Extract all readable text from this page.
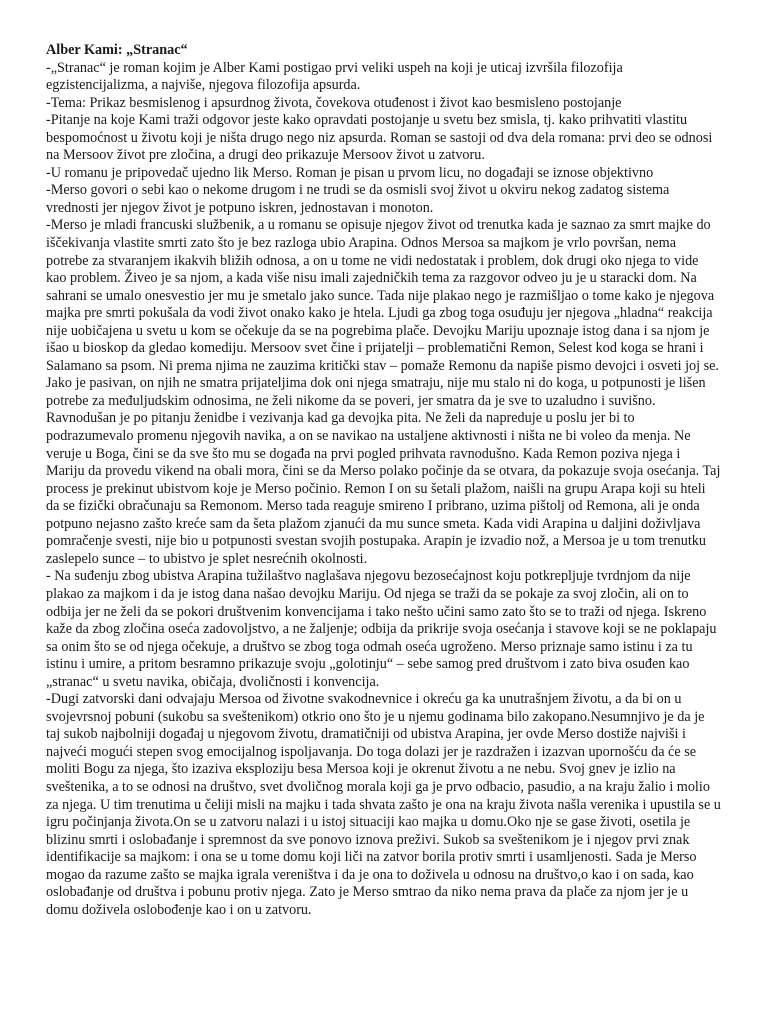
Alber Kami: „Stranac“

-„Stranac“ je roman kojim je Alber Kami postigao prvi veliki uspeh na koji je uticaj izvršila filozofija egzistencijalizma, a najviše, njegova filozofija apsurda.

-Tema: Prikaz besmislenog i apsurdnog života, čovekova otuđenost i život kao besmisleno postojanje

-Pitanje na koje Kami traži odgovor jeste kako opravdati postojanje u svetu bez smisla, tj. kako prihvatiti vlastitu bespomoćnost u životu koji je ništa drugo nego niz apsurda. Roman se sastoji od dva dela romana: prvi deo se odnosi na Mersoov život pre zločina, a drugi deo prikazuje Mersoov život u zatvoru.

-U romanu je pripovedač ujedno lik Merso. Roman je pisan u prvom licu, no događaji se iznose objektivno

-Merso govori o sebi kao o nekome drugom i ne trudi se da osmisli svoj život u okviru nekog zadatog sistema vrednosti jer njegov život je potpuno iskren, jednostavan i monoton.

-Merso je mladi francuski službenik, a u romanu se opisuje njegov život od trenutka kada je saznao za smrt majke do iščekivanja vlastite smrti zato što je bez razloga ubio Arapina. Odnos Mersoa sa majkom je vrlo površan, nema potrebe za stvaranjem ikakvih bližih odnosa, a on u tome ne vidi nedostatak i problem, dok drugi oko njega to vide kao problem. Živeo je sa njom, a kada više nisu imali zajedničkih tema za razgovor odveo ju je u staracki dom. Na sahrani se umalo onesvestio jer mu je smetalo jako sunce. Tada nije plakao nego je razmišljao o tome kako je njegova majka pre smrti pokušala da vodi život onako kako je htela. Ljudi ga zbog toga osuđuju jer njegova „hladna“ reakcija nije uobičajena u svetu u kom se očekuje da se na pogrebima plače. Devojku Mariju upoznaje istog dana i sa njom je išao u bioskop da gledao komediju. Mersoov svet čine i prijatelji – problematični Remon, Selest kod koga se hrani i Salamano sa psom. Ni prema njima ne zauzima kritički stav – pomaže Remonu da napiše pismo devojci i osveti joj se. Jako je pasivan, on njih ne smatra prijateljima dok oni njega smatraju, nije mu stalo ni do koga, u potpunosti je lišen potrebe za međuljudskim odnosima, ne želi nikome da se poveri, jer smatra da je sve to uzaludno i suvišno. Ravnodušan je po pitanju ženidbe i vezivanja kad ga devojka pita. Ne želi da napreduje u poslu jer bi to podrazumevalo promenu njegovih navika, a on se navikao na ustaljene aktivnosti i ništa ne bi voleo da menja. Ne veruje u Boga, čini se da sve što mu se događa na prvi pogled prihvata ravnodušno. Kada Remon poziva njega i Mariju da provedu vikend na obali mora, čini se da Merso polako počinje da se otvara, da pokazuje svoja osećanja. Taj process je prekinut ubistvom koje je Merso počinio. Remon I on su šetali plažom, naišli na grupu Arapa koji su hteli da se fizički obračunaju sa Remonom. Merso tada reaguje smireno I pribrano, uzima pištolj od Remona, ali je onda potpuno nejasno zašto kreće sam da šeta plažom zjanući da mu sunce smeta. Kada vidi Arapina u daljini doživljava pomračenje svesti, nije bio u potpunosti svestan svojih postupaka. Arapin je izvadio nož, a Mersoa je u tom trenutku zaslepelo sunce – to ubistvo je splet nesrećnih okolnosti.

- Na suđenju zbog ubistva Arapina tužilaštvo naglašava njegovu bezosećajnost koju potkrepljuje tvrdnjom da nije plakao za majkom i da je istog dana našao devojku Mariju. Od njega se traži da se pokaje za svoj zločin, ali on to odbija jer ne želi da se pokori društvenim konvencijama i tako nešto učini samo zato što se to traži od njega. Iskreno kaže da zbog zločina oseća zadovoljstvo, a ne žaljenje; odbija da prikrije svoja osećanja i stavove koji se ne poklapaju sa onim što se od njega očekuje, a društvo se zbog toga odmah oseća ugroženo. Merso priznaje samo istinu i za tu istinu i umire, a pritom besramno prikazuje svoju „golotinju“ – sebe samog pred društvom i zato biva osuđen kao „stranac“ u svetu navika, običaja, dvoličnosti i konvencija.

-Dugi zatvorski dani odvajaju Mersoa od životne svakodnevnice i okreću ga ka unutrašnjem životu, a da bi on u svojevrsnoj pobuni (sukobu sa sveštenikom) otkrio ono što je u njemu godinama bilo zakopano.Nesumnjivo je da je taj sukob najbolniji događaj u njegovom životu, dramatičniji od ubistva Arapina, jer ovde Merso dostiže najviši i najveći mogući stepen svog emocijalnog ispoljavanja. Do toga dolazi jer je razdražen i izazvan upornošću da će se moliti Bogu za njega, što izaziva eksploziju besa Mersoa koji je okrenut životu a ne nebu. Svoj gnev je izlio na sveštenika, a to se odnosi na društvo, svet dvoličnog morala koji ga je prvo odbacio, pasudio, a na kraju žalio i molio za njega. U tim trenutima u čeliji misli na majku i tada shvata zašto je ona na kraju života našla verenika i upustila se u igru počinjanja života.On se u zatvoru nalazi i u istoj situaciji kao majka u domu.Oko nje se gase životi, osetila je blizinu smrti i oslobađanje i spremnost da sve ponovo iznova preživi. Sukob sa sveštenikom je i njegov prvi znak identifikacije sa majkom: i ona se u tome domu koji liči na zatvor borila protiv smrti i usamljenosti. Sada je Merso mogao da razume zašto se majka igrala vereništva i da je ona to doživela u odnosu na društvo,o kao i on sada, kao oslobađanje od društva i pobunu protiv njega. Zato je Merso smtrao da niko nema prava da plače za njom jer je u domu doživela oslobođenje kao i on u zatvoru.
